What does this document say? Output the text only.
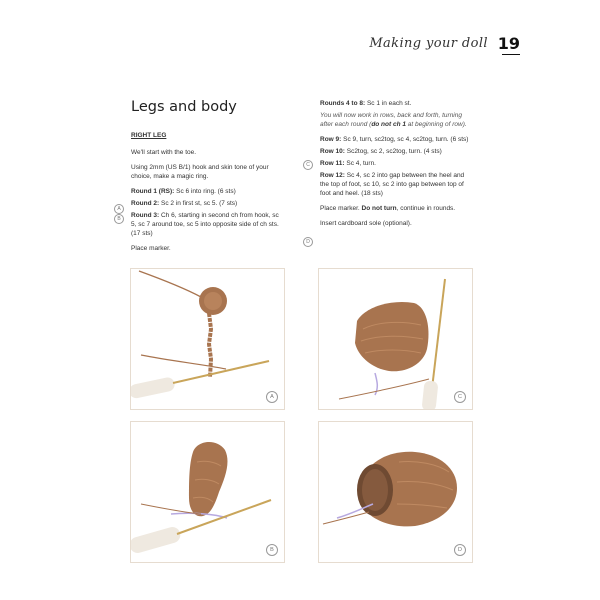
Making your doll 19
Legs and body
RIGHT LEG

We'll start with the toe.

Using 2mm (US B/1) hook and skin tone of your choice, make a magic ring.

Round 1 (RS): Sc 6 into ring. (6 sts)

Round 2: Sc 2 in first st, sc 5. (7 sts)

Round 3: Ch 6, starting in second ch from hook, sc 5, sc 7 around toe, sc 5 into opposite side of ch sts. (17 sts)

Place marker.

A
B

Rounds 4 to 8: Sc 1 in each st.

You will now work in rows, back and forth, turning after each round (do not ch 1 at beginning of row).

Row 9: Sc 9, turn, sc2tog, sc 4, sc2tog, turn. (6 sts)

Row 10: Sc2tog, sc 2, sc2tog, turn. (4 sts)

Row 11: Sc 4, turn.

Row 12: Sc 4, sc 2 into gap between the heel and the top of foot, sc 10, sc 2 into gap between top of foot and heel. (18 sts)

Place marker. Do not turn, continue in rounds.

Insert cardboard sole (optional).

C
D
A	C
B	D
